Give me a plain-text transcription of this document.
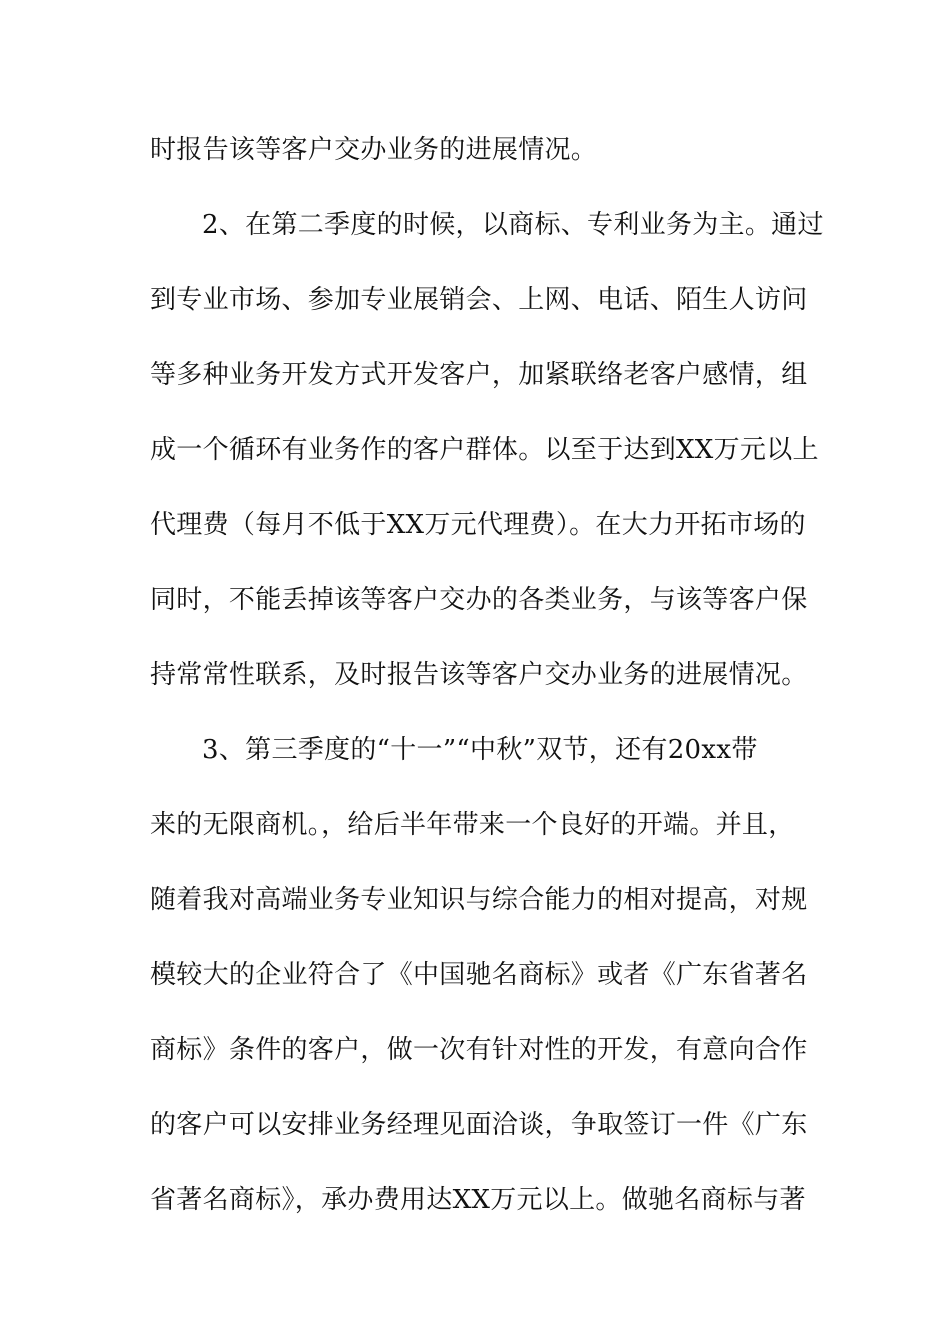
时报告该等客户交办业务的进展情况。
2、在第二季度的时候，以商标、专利业务为主。通过
到专业市场、参加专业展销会、上网、电话、陌生人访问
等多种业务开发方式开发客户，加紧联络老客户感情，组
成一个循环有业务作的客户群体。以至于达到XX万元以上
代理费（每月不低于XX万元代理费）。在大力开拓市场的
同时，不能丢掉该等客户交办的各类业务，与该等客户保
持常常性联系，及时报告该等客户交办业务的进展情况。
3、第三季度的“十一”“中秋”双节，还有20xx带
来的无限商机。，给后半年带来一个良好的开端。并且，
随着我对高端业务专业知识与综合能力的相对提高，对规
模较大的企业符合了《中国驰名商标》或者《广东省著名
商标》条件的客户，做一次有针对性的开发，有意向合作
的客户可以安排业务经理见面洽谈，争取签订一件《广东
省著名商标》，承办费用达XX万元以上。做驰名商标与著
